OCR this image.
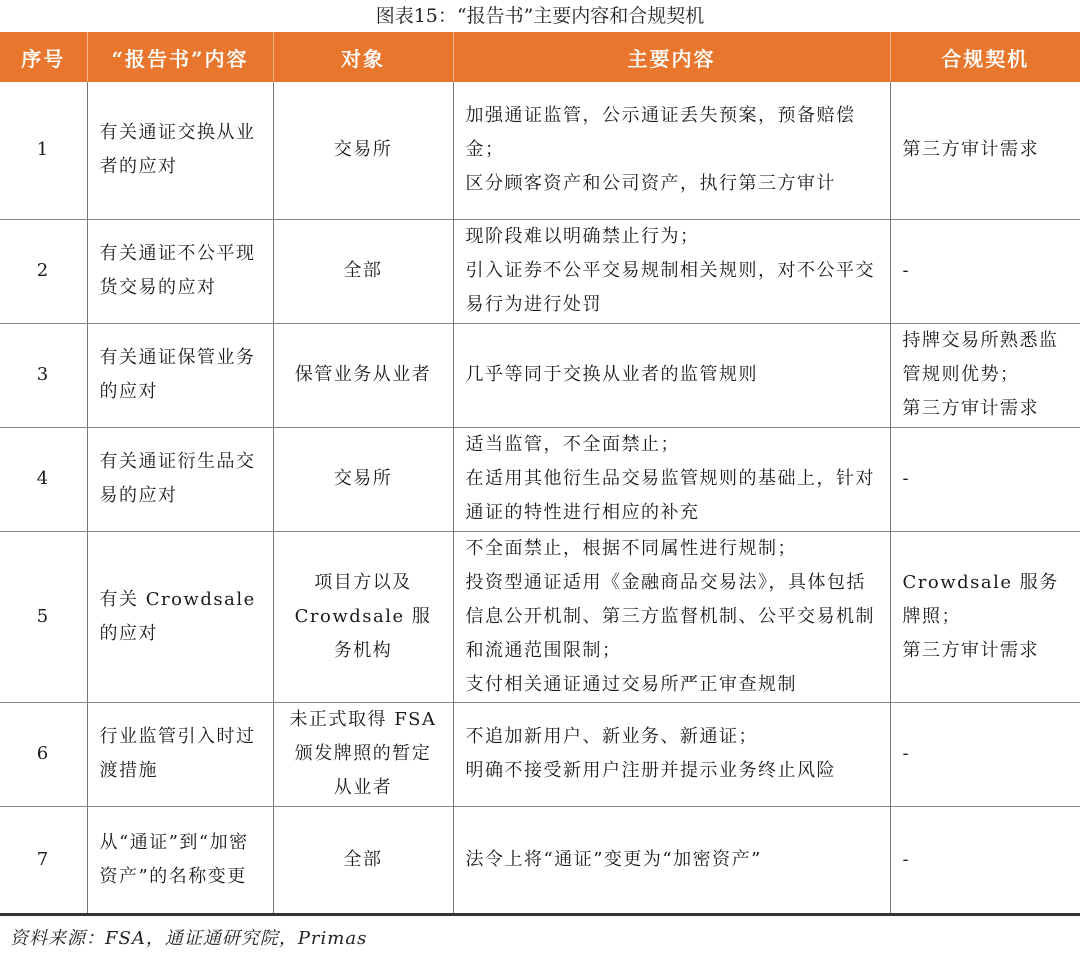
图表15：“报告书”主要内容和合规契机
序号	“报告书”内容	对象	主要内容	合规契机
1	有关通证交换从业者的应对	交易所	加强通证监管，公示通证丢失预案，预备赔偿金；
区分顾客资产和公司资产，执行第三方审计	第三方审计需求

2	有关通证不公平现货交易的应对	全部	现阶段难以明确禁止行为；
引入证券不公平交易规制相关规则，对不公平交易行为进行处罚	-

3	有关通证保管业务的应对	保管业务从业者	几乎等同于交换从业者的监管规则	持牌交易所熟悉监管规则优势；
第三方审计需求

4	有关通证衍生品交易的应对	交易所	适当监管，不全面禁止；
在适用其他衍生品交易监管规则的基础上，针对通证的特性进行相应的补充	-

5	有关 Crowdsale 的应对	项目方以及 Crowdsale 服务机构	不全面禁止，根据不同属性进行规制；
投资型通证适用《金融商品交易法》，具体包括信息公开机制、第三方监督机制、公平交易机制和流通范围限制；
支付相关通证通过交易所严正审查规制	Crowdsale 服务牌照；
第三方审计需求

6	行业监管引入时过渡措施	未正式取得 FSA 颁发牌照的暂定从业者	不追加新用户、新业务、新通证；
明确不接受新用户注册并提示业务终止风险	-

7	从“通证”到“加密资产”的名称变更	全部	法令上将“通证”变更为“加密资产”	-
资料来源：FSA，通证通研究院，Primas
